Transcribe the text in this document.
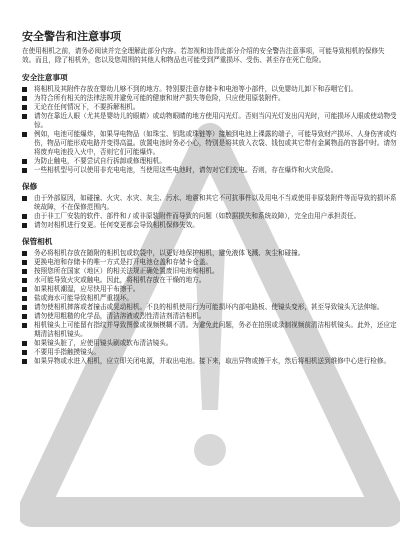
安全警告和注意事项
在使用相机之前，请务必阅读并完全理解此部分内容。若忽视和违背此部分介绍的安全警告注意事项，可能导致相机的保修失效。而且，除了相机外，您以及您周围的其他人和物品也可能受到严重损坏、受伤、甚至存在死亡危险。
安全注意事项
将相机及其附件存放在婴幼儿够不到的地方。特别要注意存储卡和电池等小部件，以免婴幼儿卸下和吞咽它们。
为符合所有相关的法律法规并避免可能的健康和财产损失等危险，只应使用原装附件。
无论在任何情况下，不要拆解相机。
请勿在靠近人眼（尤其是婴幼儿的眼睛）或动物眼睛的地方使用闪光灯。否则当闪光灯发出闪光时，可能损坏人眼或使动物受惊。
例如，电池可能爆炸，如果导电物品（如珠宝、钥匙或珠链等）接触到电池上裸露的端子，可能导致财产损坏、人身伤害或灼伤，物品可能形成电路并变得高温。放置电池时务必小心，特别是将其放入衣袋、钱包或其它带有金属物品的容器中时。请勿将废弃电池投入火中，否则它们可能爆炸。
为防止触电，不要尝试自行拆卸或修理相机。
一些相机型号可以使用非充电电池，当使用这些电池时，请勿对它们充电。否则，存在爆炸和火灾危险。
保修
由于外部原因，如碰撞、火灾、水灾、灰尘、污水、地震和其它不可抗事件以及用电不当或使用非原装附件等而导致的损坏系统故障，不在保修范围内。
由于非工厂安装的软件、部件和 / 或非原装附件而导致的问题（如数据损失和系统故障），完全由用户承担责任。
请勿对相机进行变更。任何变更都会导致相机保修失效。
保管相机
务必将相机存放在随附的相机包或软袋中，以更好地保护相机，避免液体飞溅、灰尘和碰撞。
更换电池和存储卡的唯一方式是打开电池仓盖和存储卡仓盖。
按照您所在国家（地区）的相关法规正确处置废旧电池和相机。
水可能导致火灾或触电。因此，将相机存放在干燥的地方。
如果相机潮湿，应尽快用干布擦干。
盐或海水可能导致相机严重损坏。
请勿使相机摔落或者撞击或晃动相机。不良的相机使用行为可能损坏内部电路板、使镜头变形，甚至导致镜头无法伸缩。
请勿使用粗糙的化学品，清洁溶液或烈性清洁剂清洁相机。
相机镜头上可能留有指纹并导致图像或视频模糊不清。为避免此问题，务必在拍照或录制视频前清洁相机镜头。此外，还应定期清洁相机镜头。
如果镜头脏了，应使用镜头刷或软布清洁镜头。
不要用手指触摸镜头。
如果异物或水进入相机，应立即关闭电源，并取出电池。接下来，取出异物或擦干水，然后将相机送到维修中心进行检修。
